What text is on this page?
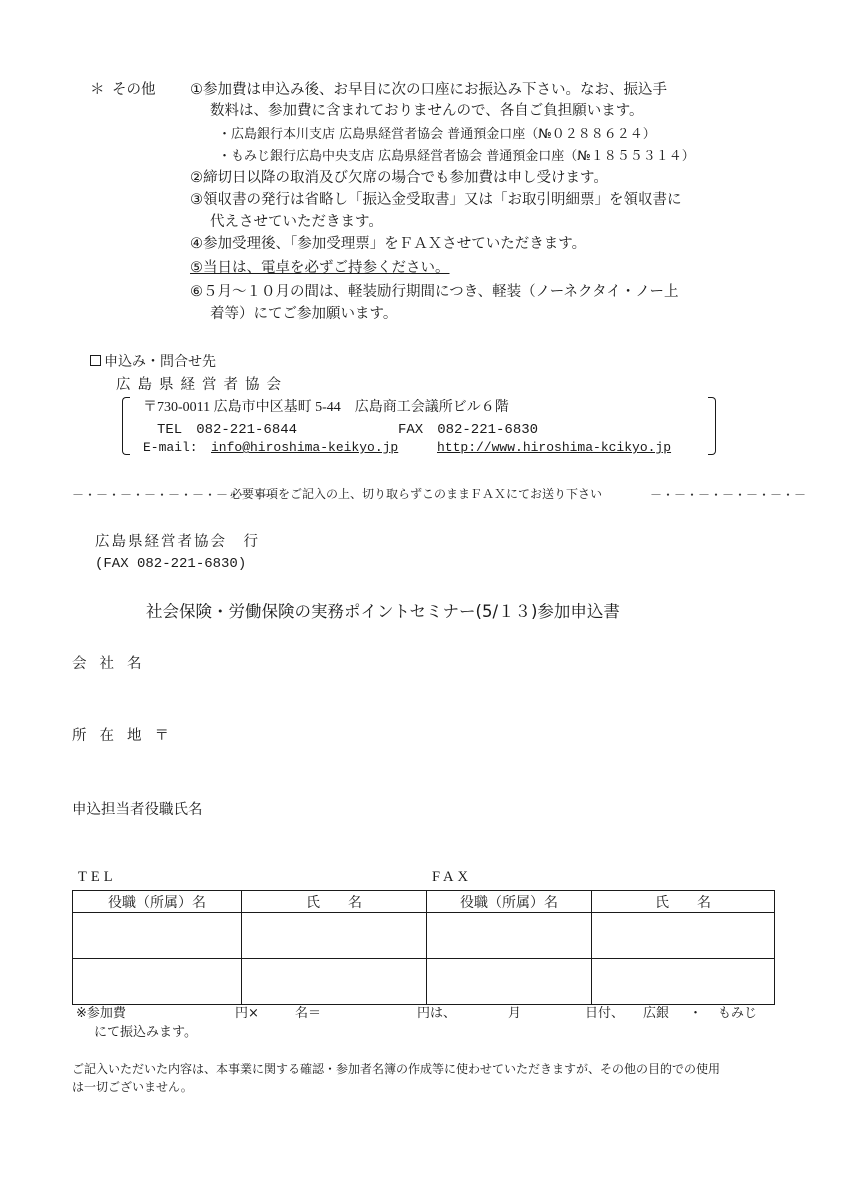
＊ その他 ①参加費は申込み後、お早目に次の口座にお振込み下さい。なお、振込手
数料は、参加費に含まれておりませんので、各自ご負担願います。
・広島銀行本川支店 広島県経営者協会 普通預金口座（№０２８８６２４）
・もみじ銀行広島中央支店 広島県経営者協会 普通預金口座（№１８５５３１４）
②締切日以降の取消及び欠席の場合でも参加費は申し受けます。
③領収書の発行は省略し「振込金受取書」又は「お取引明細票」を領収書に
代えさせていただきます。
④参加受理後、「参加受理票」をＦＡＸさせていただきます。
⑤当日は、電卓を必ずご持参ください。
⑥５月～１０月の間は、軽装励行期間につき、軽装（ノーネクタイ・ノー上
着等）にてご参加願います。
申込み・問合せ先
広島県経営者協会
〒730-0011 広島市中区基町 5-44　広島商工会議所ビル６階
TEL　082-221-6844	FAX　082-221-6830
E-mail: info@hiroshima-keikyo.jp	http://www.hiroshima-kcikyo.jp
－・－・－・－・－・－・－・－・－
必要事項をご記入の上、切り取らずこのままＦＡＸにてお送り下さい	－・－・－・－・－・－・－
広島県経営者協会　行
(FAX 082-221-6830)
社会保険・労働保険の実務ポイントセミナー(5/１３)参加申込書
会社名
所在地〒
申込担当者役職氏名
TEL	FAX
役職（所属）名	氏　　名	役職（所属）名	氏　　名

※参加費	円×	名＝	円は、	月	日付、 広銀 ・ もみじ
にて振込みます。
ご記入いただいた内容は、本事業に関する確認・参加者名簿の作成等に使わせていただきますが、その他の目的での使用
は一切ございません。
